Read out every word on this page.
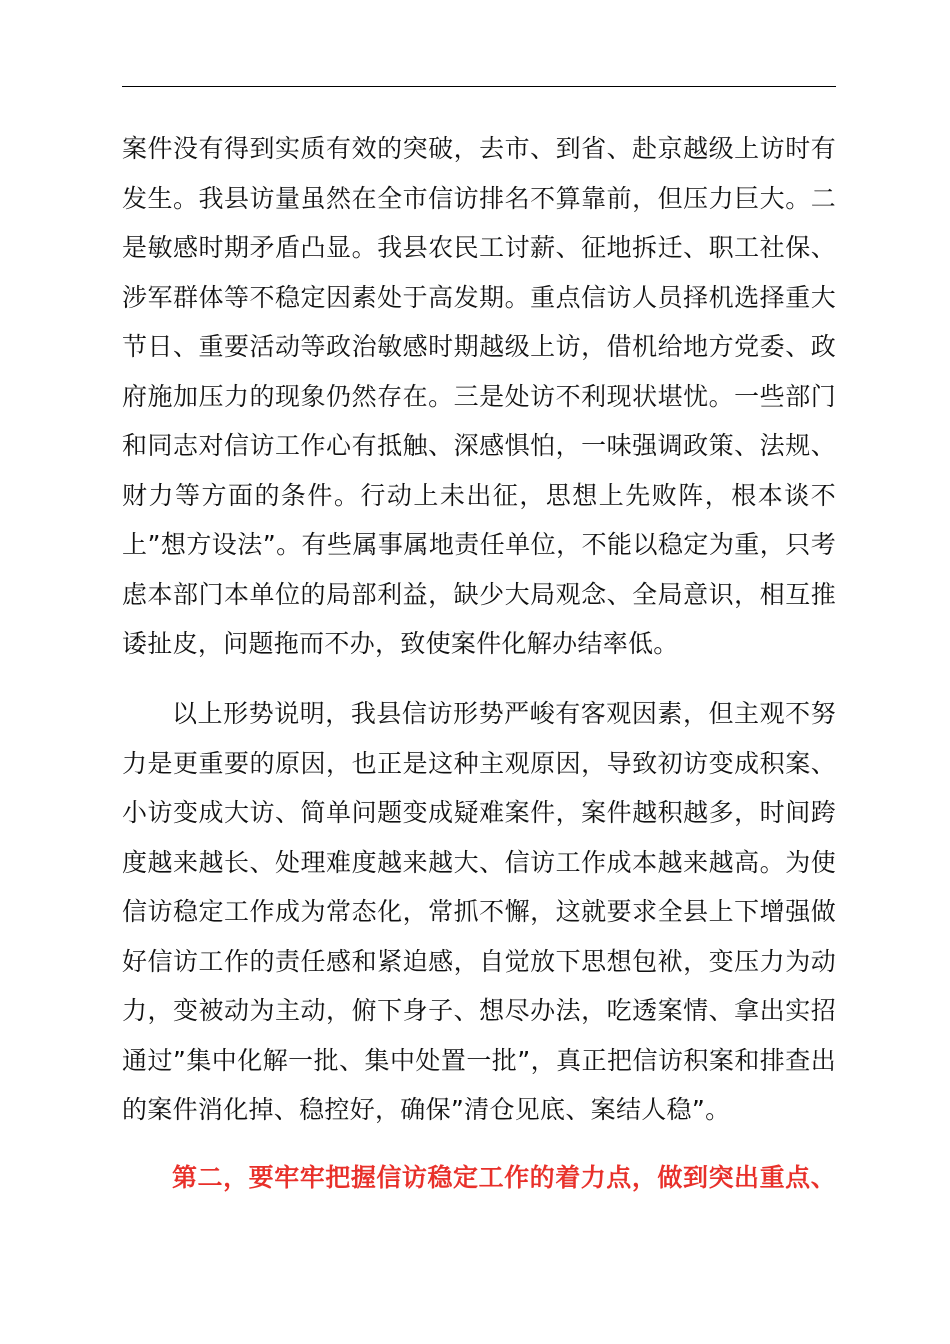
案件没有得到实质有效的突破，去市、到省、赴京越级上访时有
发生。我县访量虽然在全市信访排名不算靠前，但压力巨大。二
是敏感时期矛盾凸显。我县农民工讨薪、征地拆迁、职工社保、
涉军群体等不稳定因素处于高发期。重点信访人员择机选择重大
节日、重要活动等政治敏感时期越级上访，借机给地方党委、政
府施加压力的现象仍然存在。三是处访不利现状堪忧。一些部门
和同志对信访工作心有抵触、深感惧怕，一味强调政策、法规、
财力等方面的条件。行动上未出征，思想上先败阵，根本谈不
上”想方设法”。有些属事属地责任单位，不能以稳定为重，只考
虑本部门本单位的局部利益，缺少大局观念、全局意识，相互推
诿扯皮，问题拖而不办，致使案件化解办结率低。
以上形势说明，我县信访形势严峻有客观因素，但主观不努
力是更重要的原因，也正是这种主观原因，导致初访变成积案、
小访变成大访、简单问题变成疑难案件，案件越积越多，时间跨
度越来越长、处理难度越来越大、信访工作成本越来越高。为使
信访稳定工作成为常态化，常抓不懈，这就要求全县上下增强做
好信访工作的责任感和紧迫感，自觉放下思想包袱，变压力为动
力，变被动为主动，俯下身子、想尽办法，吃透案情、拿出实招
通过”集中化解一批、集中处置一批”，真正把信访积案和排查出
的案件消化掉、稳控好，确保”清仓见底、案结人稳”。
第二，要牢牢把握信访稳定工作的着力点，做到突出重点、
